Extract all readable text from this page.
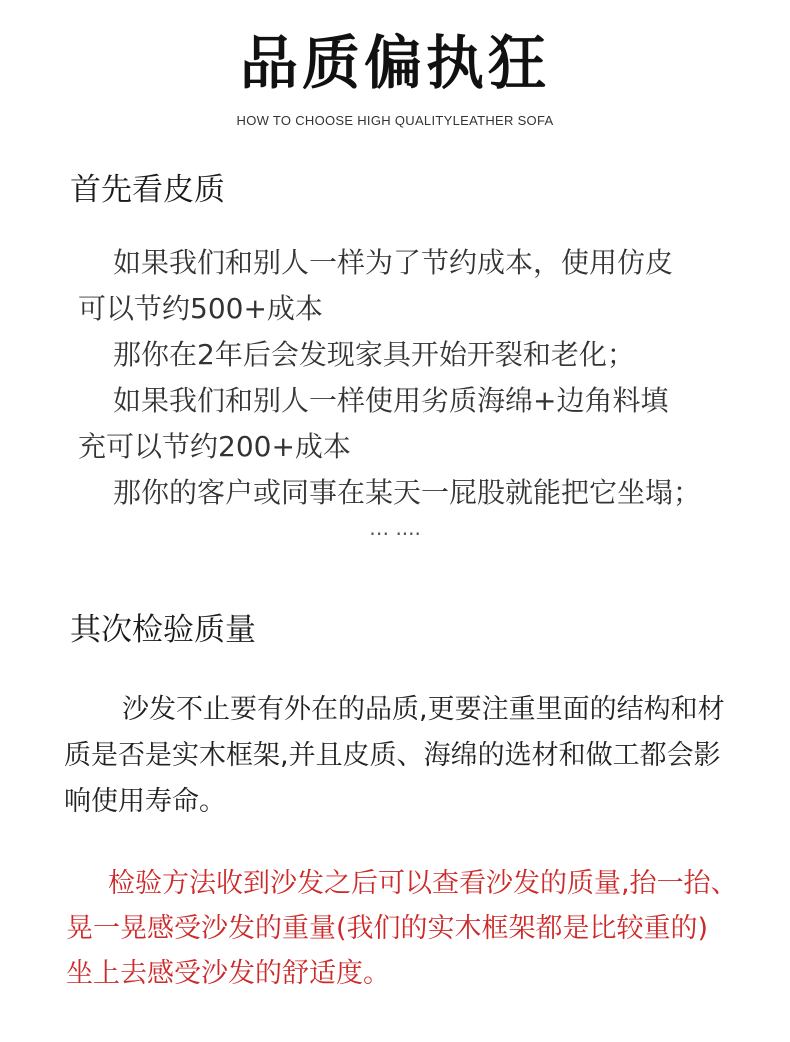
品质偏执狂
HOW TO CHOOSE HIGH QUALITYLEATHER SOFA
首先看皮质
如果我们和别人一样为了节约成本，使用仿皮
可以节约500+成本
那你在2年后会发现家具开始开裂和老化；
如果我们和别人一样使用劣质海绵+边角料填
充可以节约200+成本
那你的客户或同事在某天一屁股就能把它坐塌；
… ....
其次检验质量
沙发不止要有外在的品质,更要注重里面的结构和材
质是否是实木框架,并且皮质、海绵的选材和做工都会影
响使用寿命。
检验方法收到沙发之后可以查看沙发的质量,抬一抬、
晃一晃感受沙发的重量(我们的实木框架都是比较重的)
坐上去感受沙发的舒适度。
